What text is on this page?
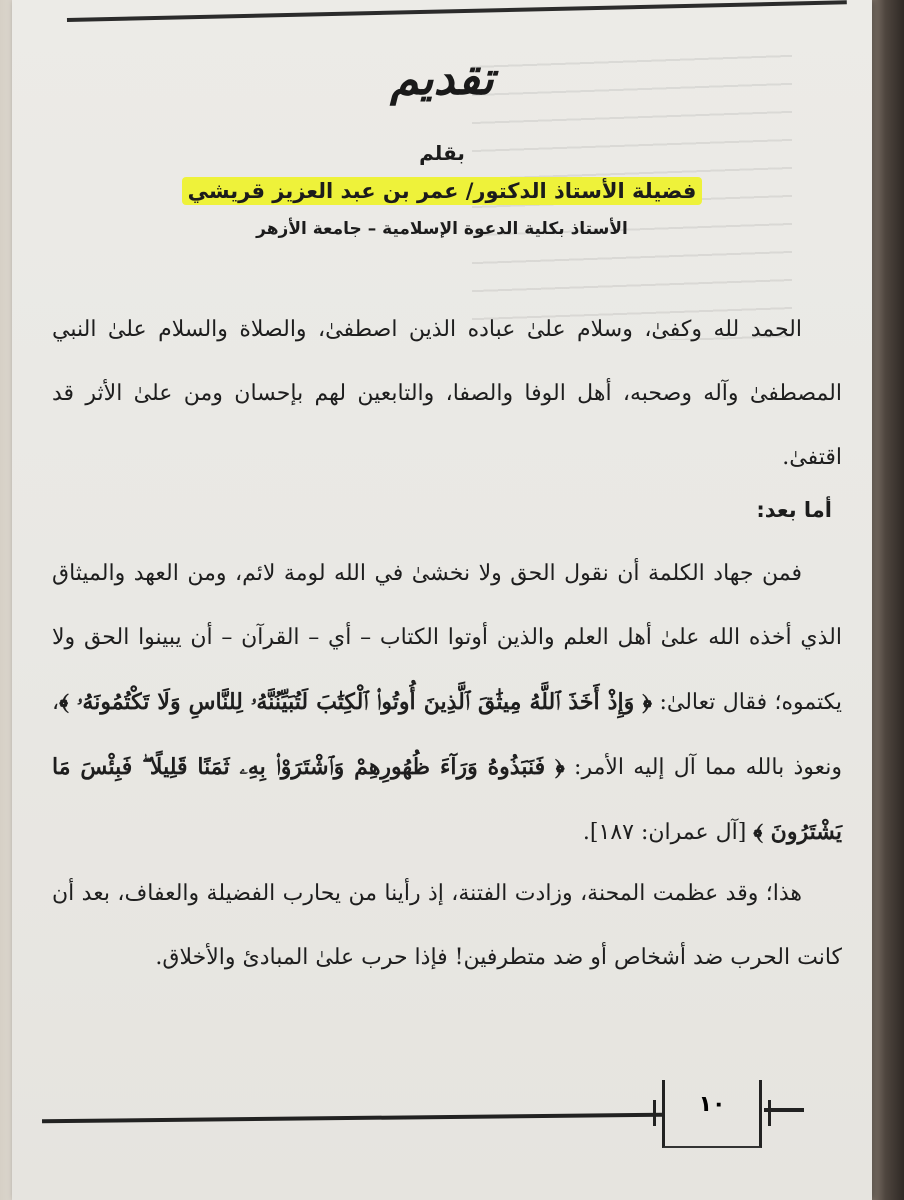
تقديم
بقلم
فضيلة الأستاذ الدكتور/ عمر بن عبد العزيز قريشي
الأستاذ بكلية الدعوة الإسلامية – جامعة الأزهر

الحمد لله وكفىٰ، وسلام علىٰ عباده الذين اصطفىٰ، والصلاة والسلام علىٰ النبي المصطفىٰ وآله وصحبه، أهل الوفا والصفا، والتابعين لهم بإحسان ومن علىٰ الأثر قد اقتفىٰ.

أما بعد:

فمن جهاد الكلمة أن نقول الحق ولا نخشىٰ في الله لومة لائم، ومن العهد والميثاق الذي أخذه الله علىٰ أهل العلم والذين أوتوا الكتاب – أي – القرآن – أن يبينوا الحق ولا يكتموه؛ فقال تعالىٰ: ﴿ وَإِذْ أَخَذَ ٱللَّهُ مِيثَٰقَ ٱلَّذِينَ أُوتُوا۟ ٱلْكِتَٰبَ لَتُبَيِّنُنَّهُۥ لِلنَّاسِ وَلَا تَكْتُمُونَهُۥ ﴾، ونعوذ بالله مما آل إليه الأمر: ﴿ فَنَبَذُوهُ وَرَآءَ ظُهُورِهِمْ وَٱشْتَرَوْا۟ بِهِۦ ثَمَنًا قَلِيلًا ۖ فَبِئْسَ مَا يَشْتَرُونَ ﴾ [آل عمران: ١٨٧].

هذا؛ وقد عظمت المحنة، وزادت الفتنة، إذ رأينا من يحارب الفضيلة والعفاف، بعد أن كانت الحرب ضد أشخاص أو ضد متطرفين! فإذا حرب علىٰ المبادئ والأخلاق.

١٠
